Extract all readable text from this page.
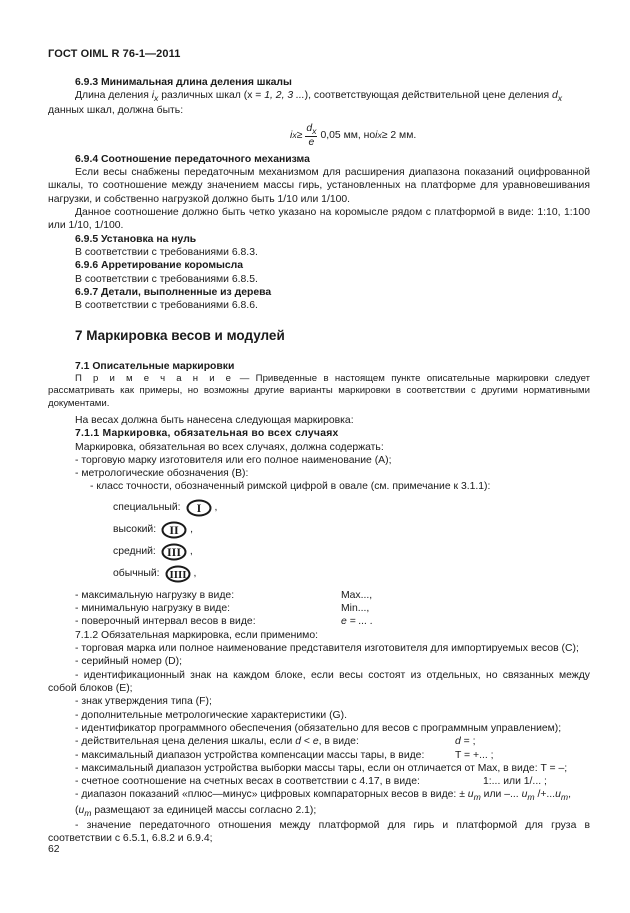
ГОСТ OIML R 76-1—2011

6.9.3 Минимальная длина деления шкалы

Длина деления $i_x$ различных шкал (x = 1, 2, 3 ...), соответствующая действительной цене деления $d_x$

данных шкал, должна быть:

i $x \ge \frac{d_x}{e} 0,05$ мм, но i x ≥ 2 мм.

6.9.4 Соотношение передаточного механизма

Если весы снабжены передаточным механизмом для расширения диапазона показаний оцифрованной шкалы, то соотношение между значением массы гирь, установленных на платформе для уравновешивания нагрузки, и собственно нагрузкой должно быть 1/10 или 1/100.

Данное соотношение должно быть четко указано на коромысле рядом с платформой в виде: 1:10, 1:100 или 1/10, 1/100.

6.9.5 Установка на нуль

В соответствии с требованиями 6.8.3.

6.9.6 Арретирование коромысла

В соответствии с требованиями 6.8.5.

6.9.7 Детали, выполненные из дерева

В соответствии с требованиями 6.8.6.

7 Маркировка весов и модулей

7.1 Описательные маркировки

П р и м е ч а н и е — Приведенные в настоящем пункте описательные маркировки следует рассматривать как примеры, но возможны другие варианты маркировки в соответствии с другими нормативными документами.

На весах должна быть нанесена следующая маркировка:

7.1.1 Маркировка, обязательная во всех случаях

Маркировка, обязательная во всех случаях, должна содержать:

- торговую марку изготовителя или его полное наименование (А);

- метрологические обозначения (В):

- класс точности, обозначенный римской цифрой в овале (см. примечание к 3.1.1):

специальный: I ,
высокий: II ,
средний: III ,
обычный: IIII ,
- максимальную нагрузку в виде:	Max...,
- минимальную нагрузку в виде:	Min...,
- поверочный интервал весов в виде:	e = ... .

7.1.2 Обязательная маркировка, если применимо:

- торговая марка или полное наименование представителя изготовителя для импортируемых весов (С);

- серийный номер (D);

- идентификационный знак на каждом блоке, если весы состоят из отдельных, но связанных между собой блоков (Е);

- знак утверждения типа (F);

- дополнительные метрологические характеристики (G).

- идентификатор программного обеспечения (обязательно для весов с программным управлением);

- действительная цена деления шкалы, если d < e, в виде:	d = ;
- максимальный диапазон устройства компенсации массы тары, в виде:	T = +... ;

- максимальный диапазон устройства выборки массы тары, если он отличается от Max, в виде: T = –;

- счетное соотношение на счетных весах в соответствии с 4.17, в виде:	1:... или 1/... ;

- диапазон показаний «плюс—минус» цифровых компараторных весов в виде: ± $u_m$ или –... $u_m$ $/+...u_m$,

($u_m$ размещают за единицей массы согласно 2.1);

- значение передаточного отношения между платформой для гирь и платформой для груза в соответствии с 6.5.1, 6.8.2 и 6.9.4;

62
